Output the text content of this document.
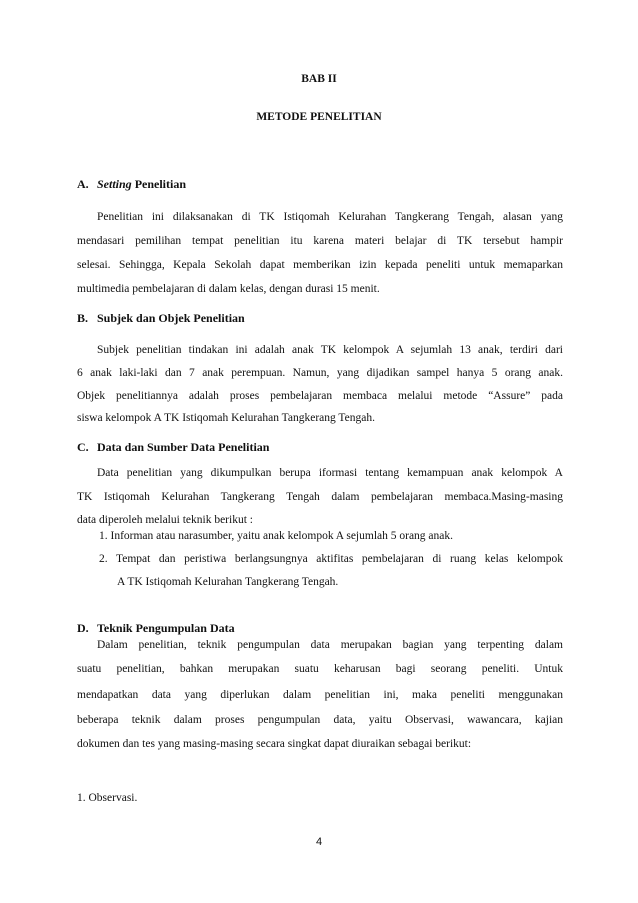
BAB II
METODE PENELITIAN
A. Setting Penelitian
Penelitian ini dilaksanakan di TK Istiqomah Kelurahan Tangkerang Tengah, alasan yang
mendasari pemilihan tempat penelitian itu karena materi belajar di TK tersebut hampir
selesai. Sehingga, Kepala Sekolah dapat memberikan izin kepada peneliti untuk memaparkan
multimedia pembelajaran di dalam kelas, dengan durasi 15 menit.
B. Subjek dan Objek Penelitian
Subjek penelitian tindakan ini adalah anak TK kelompok A sejumlah 13 anak, terdiri dari
6 anak laki-laki dan 7 anak perempuan. Namun, yang dijadikan sampel hanya 5 orang anak.
Objek penelitiannya adalah proses pembelajaran membaca melalui metode “Assure” pada
siswa kelompok A TK Istiqomah Kelurahan Tangkerang Tengah.
C. Data dan Sumber Data Penelitian
Data penelitian yang dikumpulkan berupa iformasi tentang kemampuan anak kelompok A
TK Istiqomah Kelurahan Tangkerang Tengah dalam pembelajaran membaca.Masing-masing
data diperoleh melalui teknik berikut :
1. Informan atau narasumber, yaitu anak kelompok A sejumlah 5 orang anak.
2. Tempat dan peristiwa berlangsungnya aktifitas pembelajaran di ruang kelas kelompok
A TK Istiqomah Kelurahan Tangkerang Tengah.
D. Teknik Pengumpulan Data
Dalam penelitian, teknik pengumpulan data merupakan bagian yang terpenting dalam
suatu penelitian, bahkan merupakan suatu keharusan bagi seorang peneliti. Untuk
mendapatkan data yang diperlukan dalam penelitian ini, maka peneliti menggunakan
beberapa teknik dalam proses pengumpulan data, yaitu Observasi, wawancara, kajian
dokumen dan tes yang masing-masing secara singkat dapat diuraikan sebagai berikut:
1. Observasi.
4
